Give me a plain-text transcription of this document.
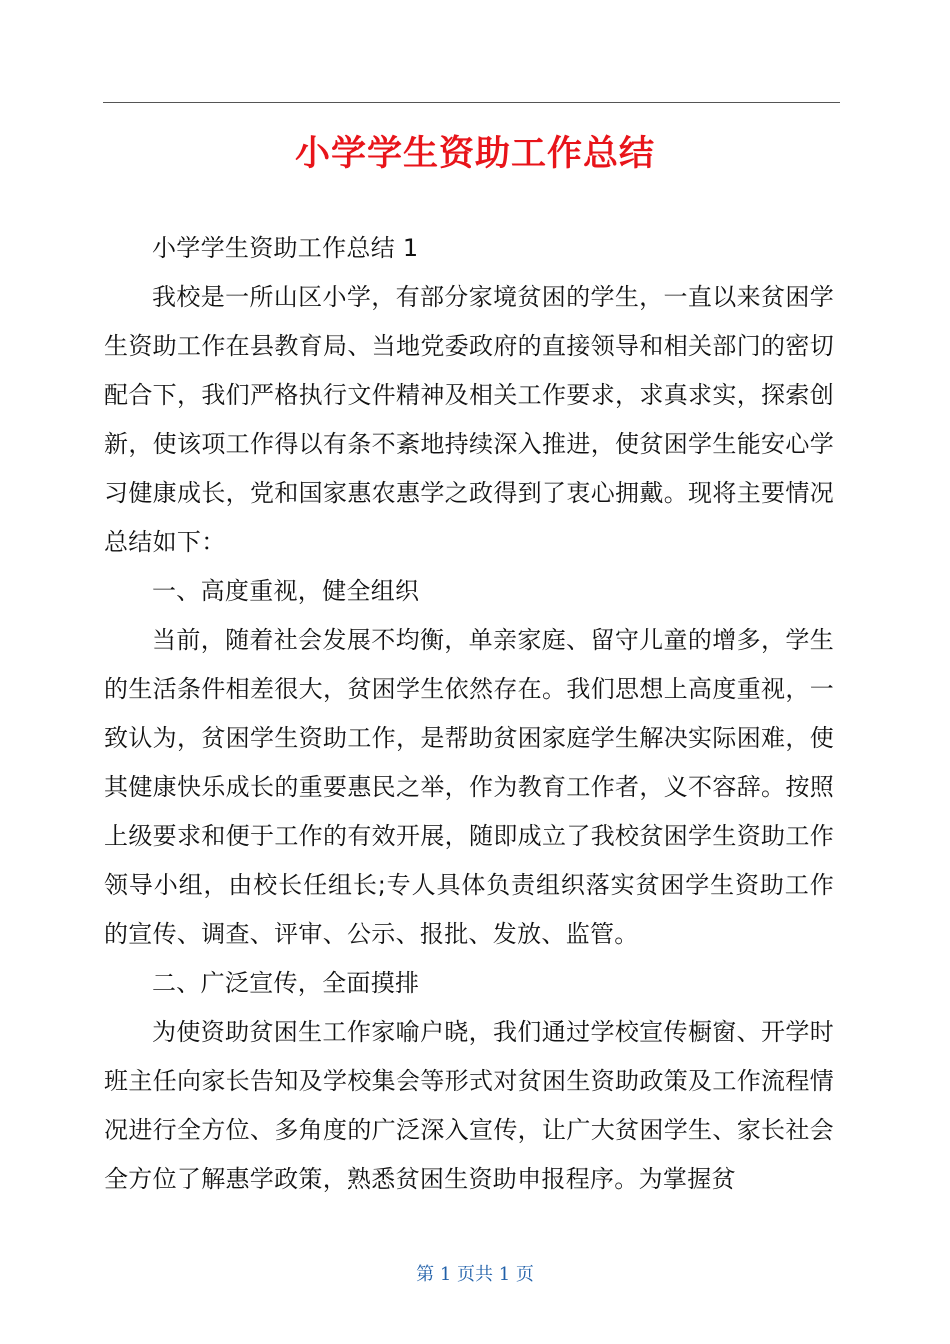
小学学生资助工作总结

小学学生资助工作总结 1

我校是一所山区小学，有部分家境贫困的学生，一直以来贫困学生资助工作在县教育局、当地党委政府的直接领导和相关部门的密切配合下，我们严格执行文件精神及相关工作要求，求真求实，探索创新，使该项工作得以有条不紊地持续深入推进，使贫困学生能安心学习健康成长，党和国家惠农惠学之政得到了衷心拥戴。现将主要情况总结如下：

一、高度重视，健全组织

当前，随着社会发展不均衡，单亲家庭、留守儿童的增多，学生的生活条件相差很大，贫困学生依然存在。我们思想上高度重视，一致认为，贫困学生资助工作，是帮助贫困家庭学生解决实际困难，使其健康快乐成长的重要惠民之举，作为教育工作者，义不容辞。按照上级要求和便于工作的有效开展，随即成立了我校贫困学生资助工作领导小组，由校长任组长;专人具体负责组织落实贫困学生资助工作的宣传、调查、评审、公示、报批、发放、监管。

二、广泛宣传，全面摸排

为使资助贫困生工作家喻户晓，我们通过学校宣传橱窗、开学时班主任向家长告知及学校集会等形式对贫困生资助政策及工作流程情况进行全方位、多角度的广泛深入宣传，让广大贫困学生、家长社会全方位了解惠学政策，熟悉贫困生资助申报程序。为掌握贫

第 1 页共 1 页
